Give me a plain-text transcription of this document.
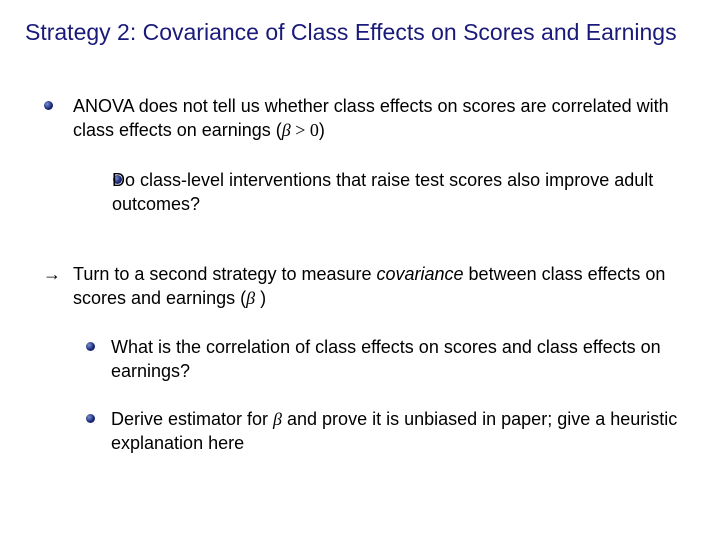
Strategy 2: Covariance of Class Effects on Scores and Earnings
ANOVA does not tell us whether class effects on scores are correlated with class effects on earnings (β > 0)
Do class-level interventions that raise test scores also improve adult outcomes?
→ Turn to a second strategy to measure covariance between class effects on scores and earnings (β )
What is the correlation of class effects on scores and class effects on earnings?
Derive estimator for β and prove it is unbiased in paper; give a heuristic explanation here
